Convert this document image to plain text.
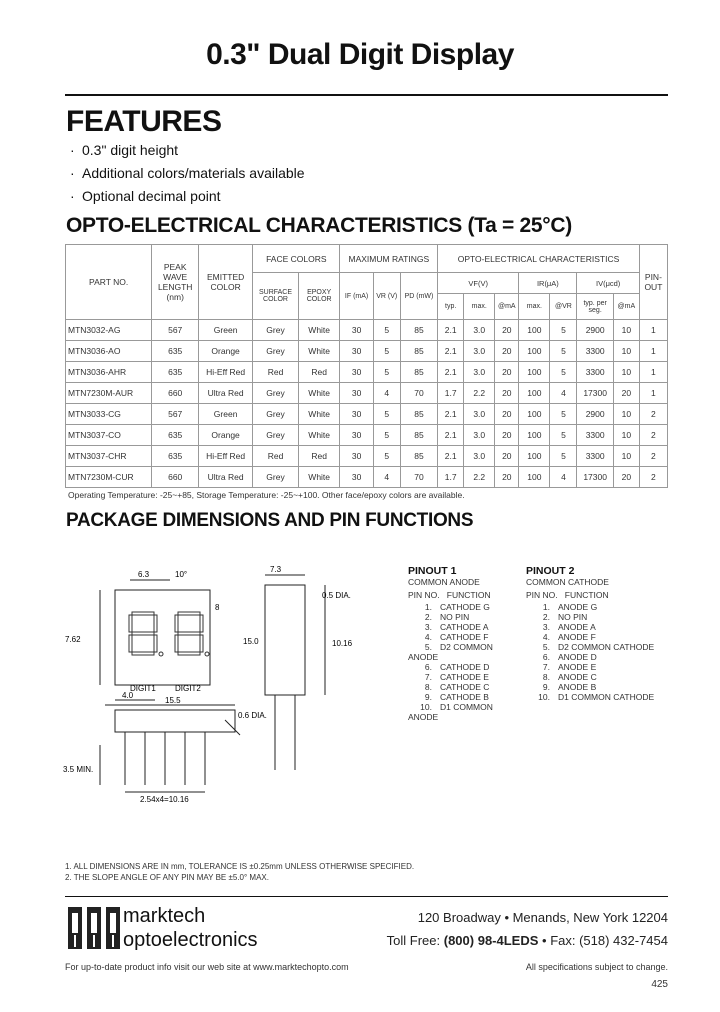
0.3" Dual Digit Display
FEATURES
· 0.3" digit height
· Additional colors/materials available
· Optional decimal point
OPTO-ELECTRICAL CHARACTERISTICS (Ta = 25°C)
PART NO.	PEAK WAVE LENGTH (nm)	EMITTED COLOR	FACE COLORS		MAXIMUM RATINGS			OPTO-ELECTRICAL CHARACTERISTICS							PIN-OUT
			SURFACE COLOR	EPOXY COLOR	IF (mA)	VR (V)	PD (mW)	VF(V)			IR(μA)		IV(μcd)		
								typ.	max.	@mA	max.	@VR	typ. per seg.	@mA	
MTN3032-AG	567	Green	Grey	White	30	5	85	2.1	3.0	20	100	5	2900	10	1
MTN3036-AO	635	Orange	Grey	White	30	5	85	2.1	3.0	20	100	5	3300	10	1
MTN3036-AHR	635	Hi-Eff Red	Red	Red	30	5	85	2.1	3.0	20	100	5	3300	10	1
MTN7230M-AUR	660	Ultra Red	Grey	White	30	4	70	1.7	2.2	20	100	4	17300	20	1
MTN3033-CG	567	Green	Grey	White	30	5	85	2.1	3.0	20	100	5	2900	10	2
MTN3037-CO	635	Orange	Grey	White	30	5	85	2.1	3.0	20	100	5	3300	10	2
MTN3037-CHR	635	Hi-Eff Red	Red	Red	30	5	85	2.1	3.0	20	100	5	3300	10	2
MTN7230M-CUR	660	Ultra Red	Grey	White	30	4	70	1.7	2.2	20	100	4	17300	20	2
Operating Temperature: -25~+85, Storage Temperature: -25~+100. Other face/epoxy colors are available.
PACKAGE DIMENSIONS AND PIN FUNCTIONS
6.3	10°
8
7.62
7.3
0.5 DIA.
15.0	10.16
DIGIT1 DIGIT2
4.0
15.5
0.6 DIA.
3.5 MIN.
2.54x4=10.16
PINOUT 1
COMMON ANODE
PIN NO. FUNCTION
1. CATHODE G
2. NO PIN
3. CATHODE A
4. CATHODE F
5. D2 COMMON ANODE
6. CATHODE D
7. CATHODE E
8. CATHODE C
9. CATHODE B
10. D1 COMMON ANODE
PINOUT 2
COMMON CATHODE
PIN NO. FUNCTION
1. ANODE G
2. NO PIN
3. ANODE A
4. ANODE F
5. D2 COMMON CATHODE
6. ANODE D
7. ANODE E
8. ANODE C
9. ANODE B
10. D1 COMMON CATHODE
1. ALL DIMENSIONS ARE IN mm, TOLERANCE IS ±0.25mm UNLESS OTHERWISE SPECIFIED.
2. THE SLOPE ANGLE OF ANY PIN MAY BE ±5.0° MAX.
marktech
optoelectronics
120 Broadway • Menands, New York 12204
Toll Free: (800) 98-4LEDS • Fax: (518) 432-7454
For up-to-date product info visit our web site at www.marktechopto.com	All specifications subject to change.
425
